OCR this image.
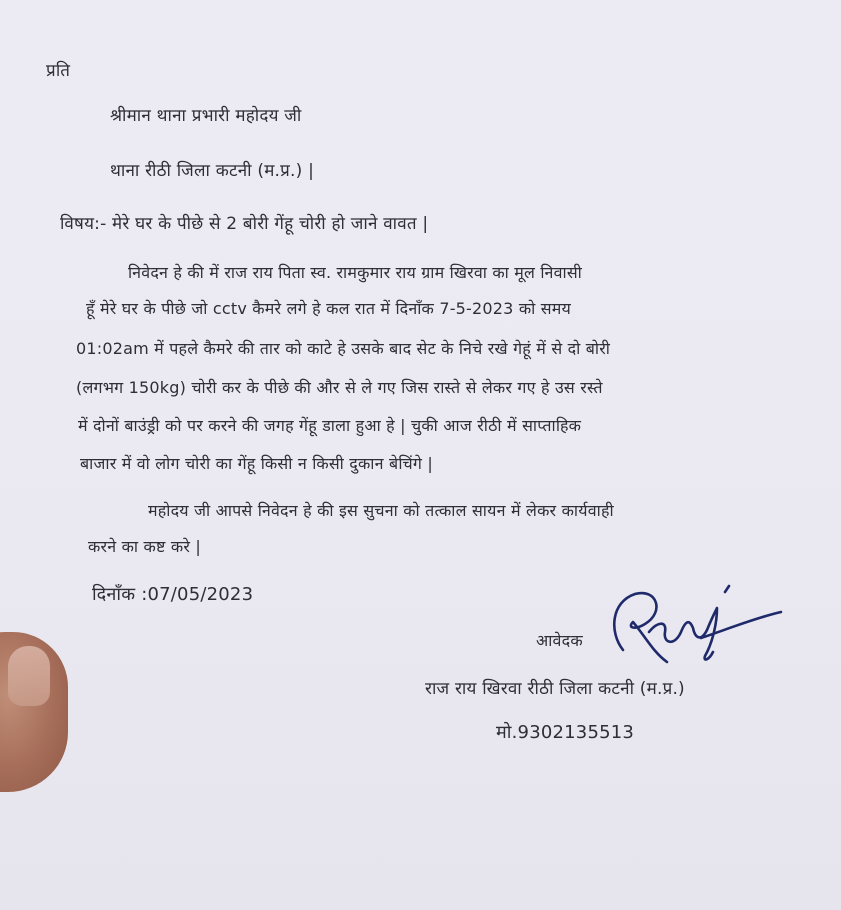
प्रति
श्रीमान थाना प्रभारी महोदय जी
थाना रीठी जिला कटनी (म.प्र.) |
विषय:- मेरे घर के पीछे से 2 बोरी गेंहू चोरी हो जाने वावत |
निवेदन हे की में राज राय पिता स्व. रामकुमार राय ग्राम खिरवा का मूल निवासी
हूँ मेरे घर के पीछे जो cctv कैमरे लगे हे कल रात में दिनाँक 7-5-2023 को समय
01:02am में पहले कैमरे की तार को काटे हे उसके बाद सेट के निचे रखे गेहूं में से दो बोरी
(लगभग 150kg) चोरी कर के पीछे की और से ले गए जिस रास्ते से लेकर गए हे उस रस्ते
में दोनों बाउंड्री को पर करने की जगह गेंहू डाला हुआ हे | चुकी आज रीठी में साप्ताहिक
बाजार में वो लोग चोरी का गेंहू किसी न किसी दुकान बेचिंगे |
महोदय जी आपसे निवेदन हे की इस सुचना को तत्काल सायन में लेकर कार्यवाही
करने का कष्ट करे |
दिनाँक :07/05/2023
आवेदक
राज राय खिरवा रीठी जिला कटनी (म.प्र.)
मो.9302135513
